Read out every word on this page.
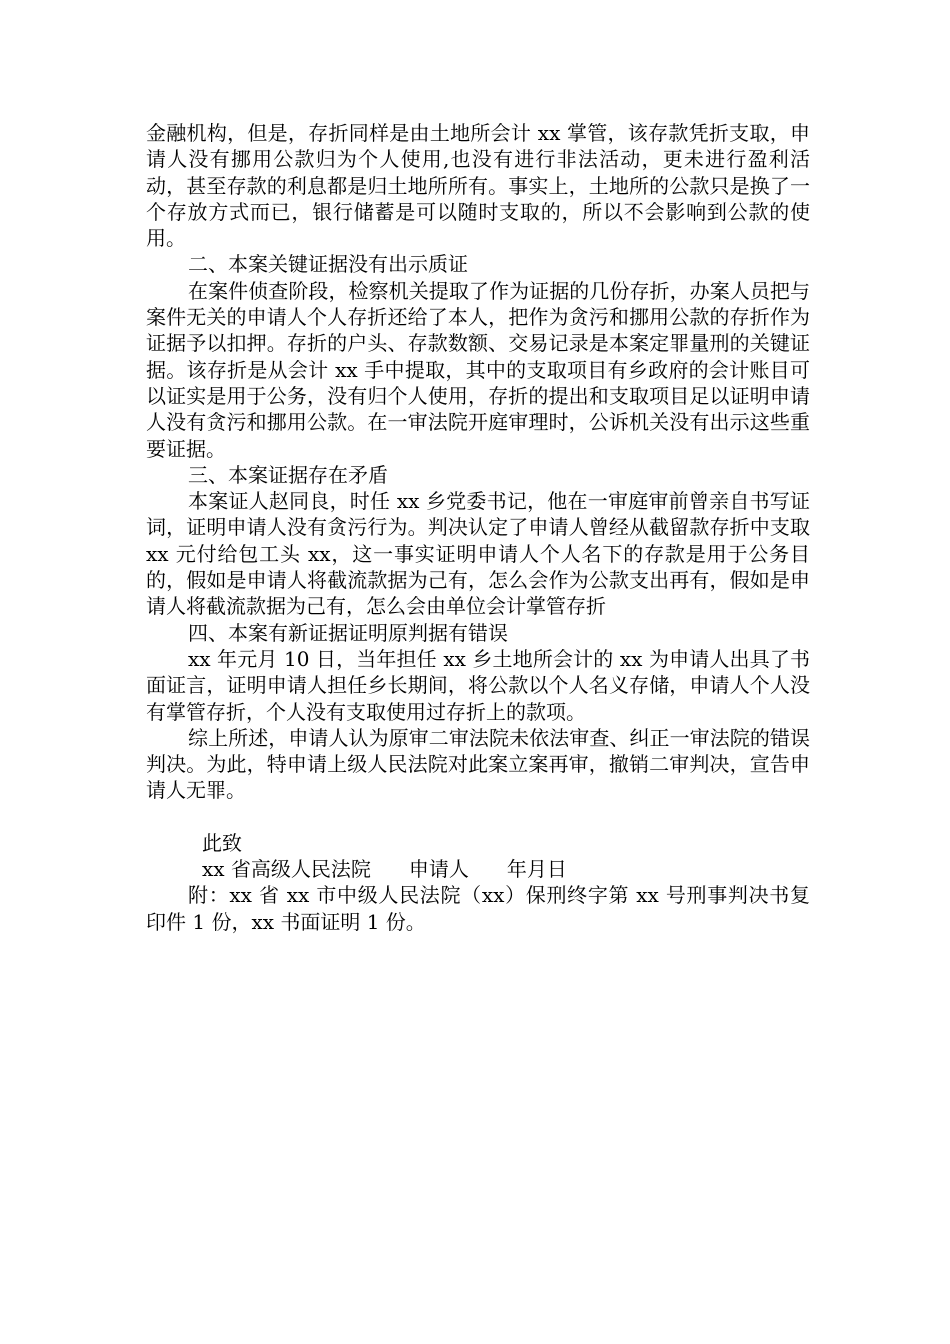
金融机构，但是，存折同样是由土地所会计 xx 掌管，该存款凭折支取，申请人没有挪用公款归为个人使用,也没有进行非法活动，更未进行盈利活动，甚至存款的利息都是归土地所所有。事实上，土地所的公款只是换了一个存放方式而已，银行储蓄是可以随时支取的，所以不会影响到公款的使用。

二、本案关键证据没有出示质证

在案件侦查阶段，检察机关提取了作为证据的几份存折，办案人员把与案件无关的申请人个人存折还给了本人，把作为贪污和挪用公款的存折作为证据予以扣押。存折的户头、存款数额、交易记录是本案定罪量刑的关键证据。该存折是从会计 xx 手中提取，其中的支取项目有乡政府的会计账目可以证实是用于公务，没有归个人使用，存折的提出和支取项目足以证明申请人没有贪污和挪用公款。在一审法院开庭审理时，公诉机关没有出示这些重要证据。

三、本案证据存在矛盾

本案证人赵同良，时任 xx 乡党委书记，他在一审庭审前曾亲自书写证词，证明申请人没有贪污行为。判决认定了申请人曾经从截留款存折中支取 xx 元付给包工头 xx，这一事实证明申请人个人名下的存款是用于公务目的，假如是申请人将截流款据为己有，怎么会作为公款支出再有，假如是申请人将截流款据为己有，怎么会由单位会计掌管存折

四、本案有新证据证明原判据有错误

xx 年元月 10 日，当年担任 xx 乡土地所会计的 xx 为申请人出具了书面证言，证明申请人担任乡长期间，将公款以个人名义存储，申请人个人没有掌管存折，个人没有支取使用过存折上的款项。

综上所述，申请人认为原审二审法院未依法审查、纠正一审法院的错误判决。为此，特申请上级人民法院对此案立案再审，撤销二审判决，宣告申请人无罪。

此致

xx 省高级人民法院 申请人 年月日

附：xx 省 xx 市中级人民法院（xx）保刑终字第 xx 号刑事判决书复印件 1 份，xx 书面证明 1 份。
